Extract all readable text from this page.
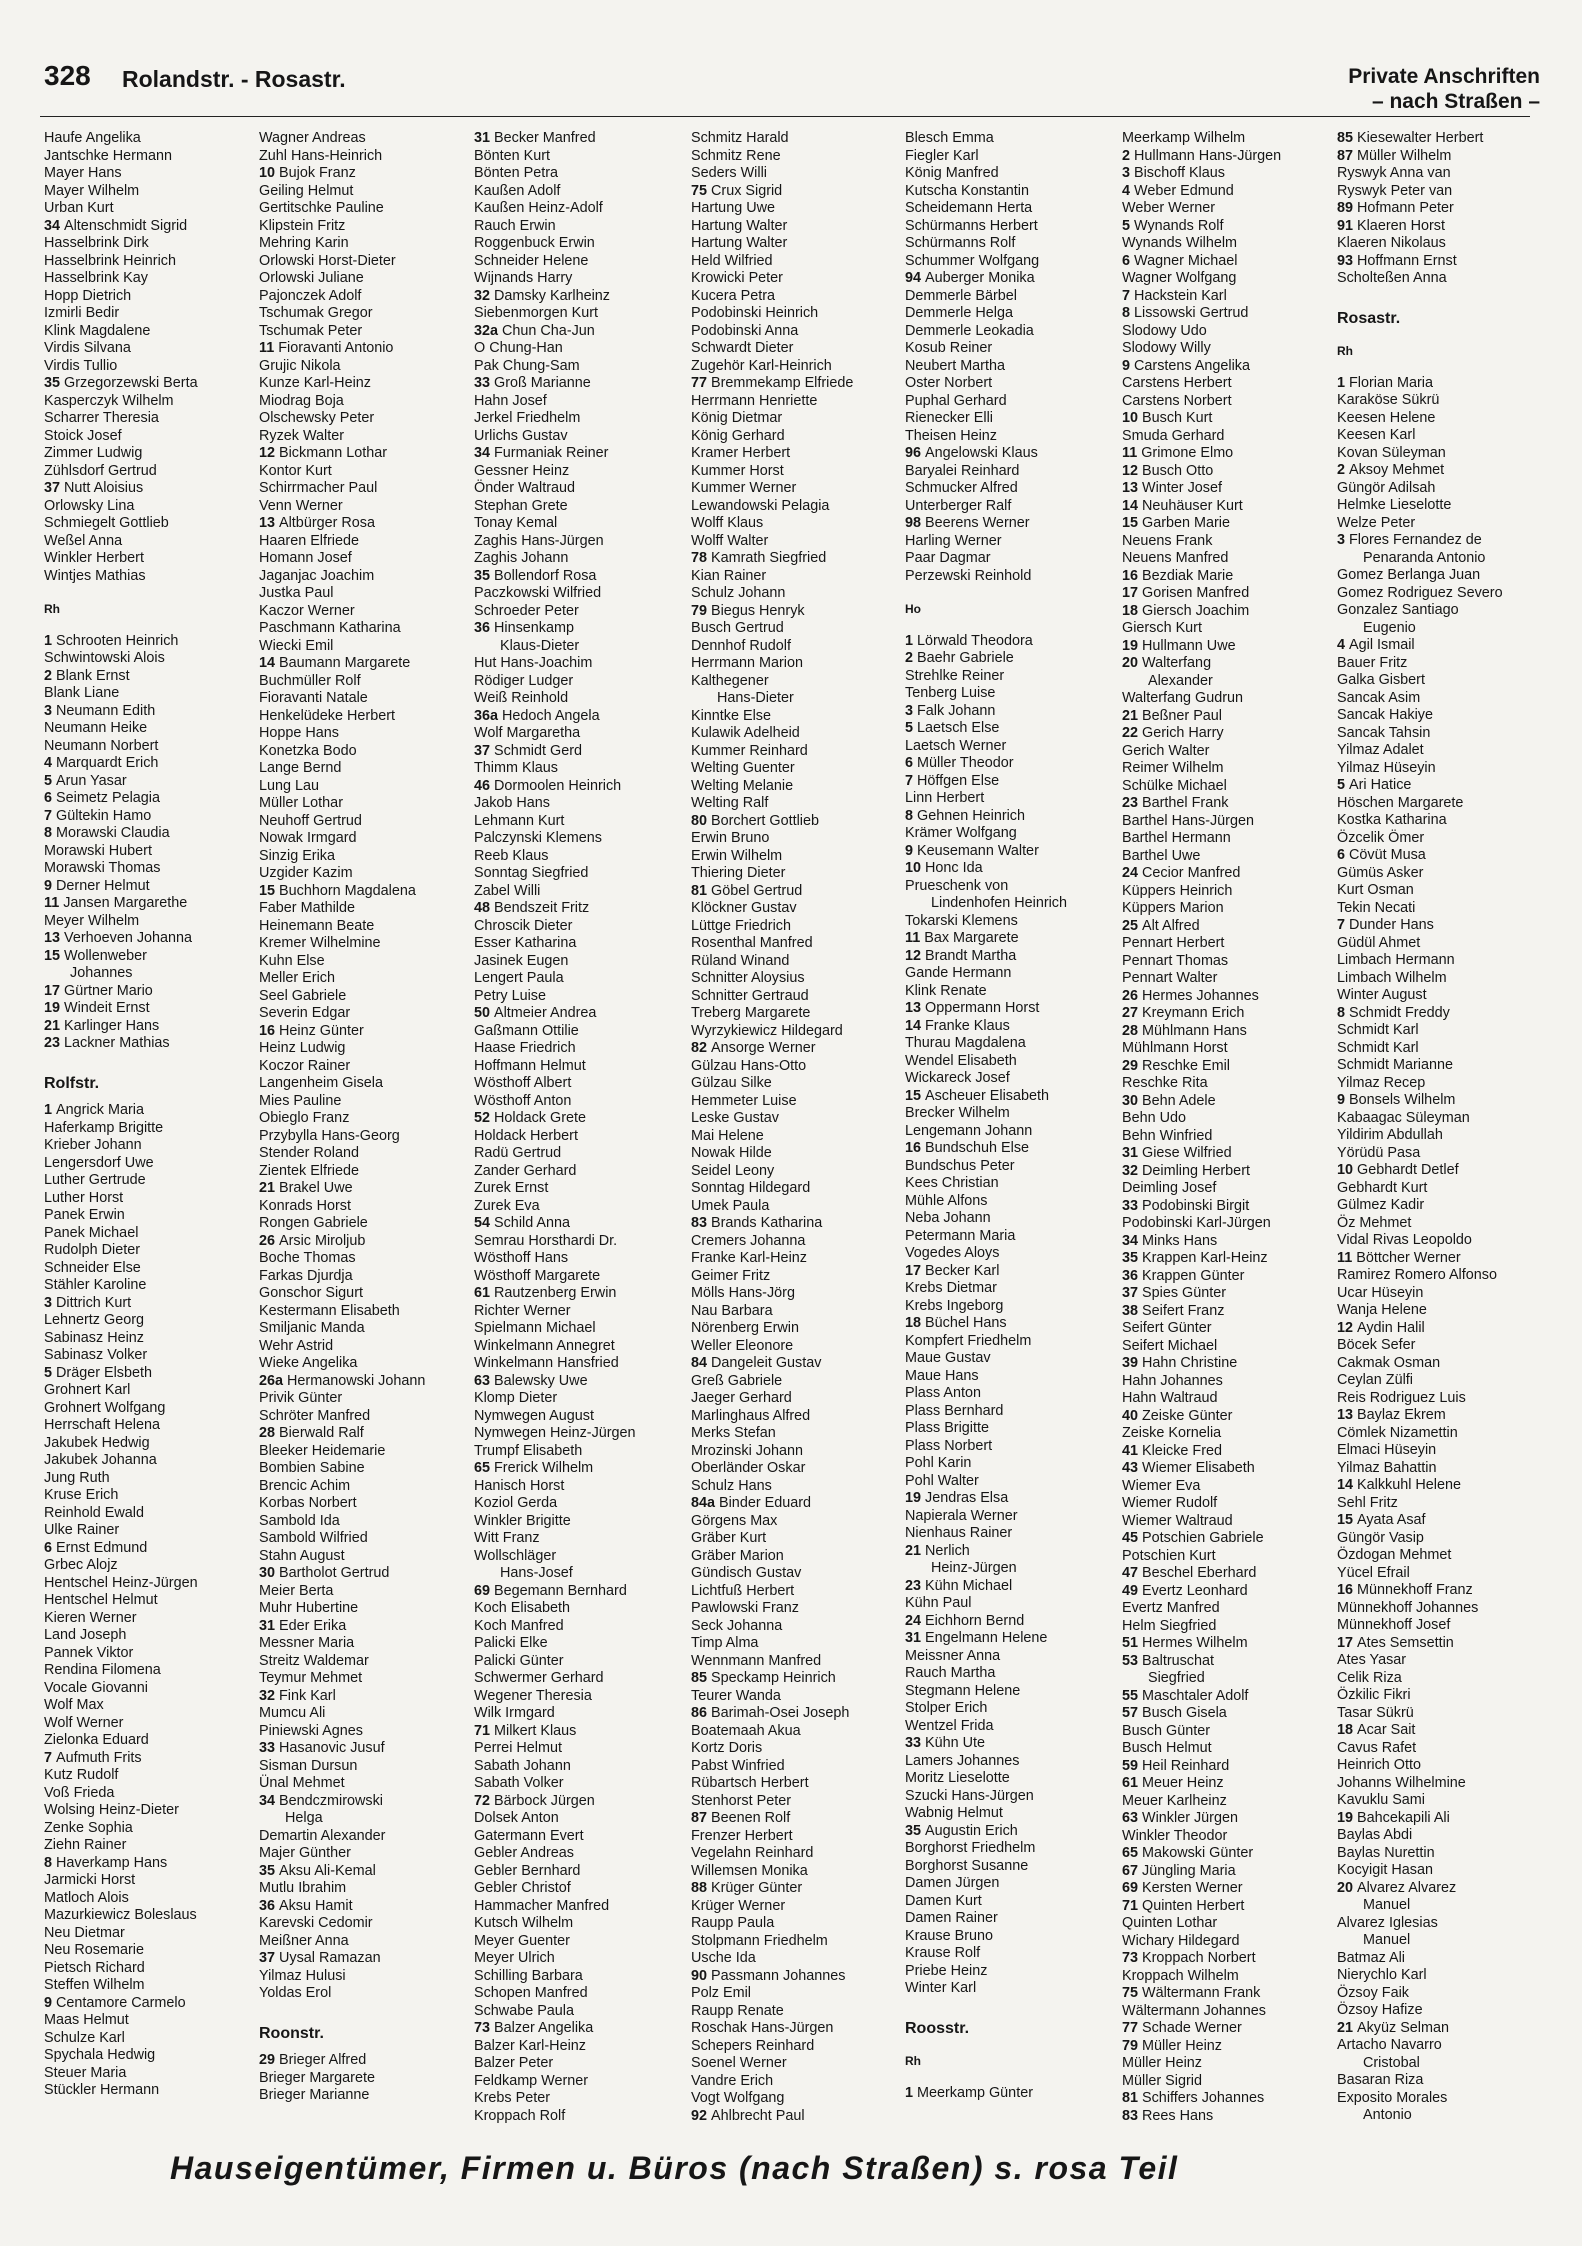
328 Rolandstr. - Rosastr.	Private Anschriften
– nach Straßen –
Haufe Angelika
Jantschke Hermann
Mayer Hans
Mayer Wilhelm
Urban Kurt
34 Altenschmidt Sigrid
Hasselbrink Dirk
Hasselbrink Heinrich
Hasselbrink Kay
Hopp Dietrich
Izmirli Bedir
Klink Magdalene
Virdis Silvana
Virdis Tullio
35 Grzegorzewski Berta
Kasperczyk Wilhelm
Scharrer Theresia
Stoick Josef
Zimmer Ludwig
Zühlsdorf Gertrud
37 Nutt Aloisius
Orlowsky Lina
Schmiegelt Gottlieb
Weßel Anna
Winkler Herbert
Wintjes Mathias
Rh
1 Schrooten Heinrich
Schwintowski Alois
2 Blank Ernst
Blank Liane
3 Neumann Edith
Neumann Heike
Neumann Norbert
4 Marquardt Erich
5 Arun Yasar
6 Seimetz Pelagia
7 Gültekin Hamo
8 Morawski Claudia
Morawski Hubert
Morawski Thomas
9 Derner Helmut
11 Jansen Margarethe
Meyer Wilhelm
13 Verhoeven Johanna
15 Wollenweber
Johannes
17 Gürtner Mario
19 Windeit Ernst
21 Karlinger Hans
23 Lackner Mathias
Rolfstr.
1 Angrick Maria
Haferkamp Brigitte
Krieber Johann
Lengersdorf Uwe
Luther Gertrude
Luther Horst
Panek Erwin
Panek Michael
Rudolph Dieter
Schneider Else
Stähler Karoline
3 Dittrich Kurt
Lehnertz Georg
Sabinasz Heinz
Sabinasz Volker
5 Dräger Elsbeth
Grohnert Karl
Grohnert Wolfgang
Herrschaft Helena
Jakubek Hedwig
Jakubek Johanna
Jung Ruth
Kruse Erich
Reinhold Ewald
Ulke Rainer
6 Ernst Edmund
Grbec Alojz
Hentschel Heinz-Jürgen
Hentschel Helmut
Kieren Werner
Land Joseph
Pannek Viktor
Rendina Filomena
Vocale Giovanni
Wolf Max
Wolf Werner
Zielonka Eduard
7 Aufmuth Frits
Kutz Rudolf
Voß Frieda
Wolsing Heinz-Dieter
Zenke Sophia
Ziehn Rainer
8 Haverkamp Hans
Jarmicki Horst
Matloch Alois
Mazurkiewicz Boleslaus
Neu Dietmar
Neu Rosemarie
Pietsch Richard
Steffen Wilhelm
9 Centamore Carmelo
Maas Helmut
Schulze Karl
Spychala Hedwig
Steuer Maria
Stückler Hermann
Wagner Andreas
Zuhl Hans-Heinrich
10 Bujok Franz
Geiling Helmut
Gertitschke Pauline
Klipstein Fritz
Mehring Karin
Orlowski Horst-Dieter
Orlowski Juliane
Pajonczek Adolf
Tschumak Gregor
Tschumak Peter
11 Fioravanti Antonio
Grujic Nikola
Kunze Karl-Heinz
Miodrag Boja
Olschewsky Peter
Ryzek Walter
12 Bickmann Lothar
Kontor Kurt
Schirrmacher Paul
Venn Werner
13 Altbürger Rosa
Haaren Elfriede
Homann Josef
Jaganjac Joachim
Justka Paul
Kaczor Werner
Paschmann Katharina
Wiecki Emil
14 Baumann Margarete
Buchmüller Rolf
Fioravanti Natale
Henkelüdeke Herbert
Hoppe Hans
Konetzka Bodo
Lange Bernd
Lung Lau
Müller Lothar
Neuhoff Gertrud
Nowak Irmgard
Sinzig Erika
Uzgider Kazim
15 Buchhorn Magdalena
Faber Mathilde
Heinemann Beate
Kremer Wilhelmine
Kuhn Else
Meller Erich
Seel Gabriele
Severin Edgar
16 Heinz Günter
Heinz Ludwig
Koczor Rainer
Langenheim Gisela
Mies Pauline
Obieglo Franz
Przybylla Hans-Georg
Stender Roland
Zientek Elfriede
21 Brakel Uwe
Konrads Horst
Rongen Gabriele
26 Arsic Miroljub
Boche Thomas
Farkas Djurdja
Gonschor Sigurt
Kestermann Elisabeth
Smiljanic Manda
Wehr Astrid
Wieke Angelika
26a Hermanowski Johann
Privik Günter
Schröter Manfred
28 Bierwald Ralf
Bleeker Heidemarie
Bombien Sabine
Brencic Achim
Korbas Norbert
Sambold Ida
Sambold Wilfried
Stahn August
30 Bartholot Gertrud
Meier Berta
Muhr Hubertine
31 Eder Erika
Messner Maria
Streitz Waldemar
Teymur Mehmet
32 Fink Karl
Mumcu Ali
Piniewski Agnes
33 Hasanovic Jusuf
Sisman Dursun
Ünal Mehmet
34 Bendczmirowski
Helga
Demartin Alexander
Majer Günther
35 Aksu Ali-Kemal
Mutlu Ibrahim
36 Aksu Hamit
Karevski Cedomir
Meißner Anna
37 Uysal Ramazan
Yilmaz Hulusi
Yoldas Erol
Roonstr.
29 Brieger Alfred
Brieger Margarete
Brieger Marianne
31 Becker Manfred
Bönten Kurt
Bönten Petra
Kaußen Adolf
Kaußen Heinz-Adolf
Rauch Erwin
Roggenbuck Erwin
Schneider Helene
Wijnands Harry
32 Damsky Karlheinz
Siebenmorgen Kurt
32a Chun Cha-Jun
O Chung-Han
Pak Chung-Sam
33 Groß Marianne
Hahn Josef
Jerkel Friedhelm
Urlichs Gustav
34 Furmaniak Reiner
Gessner Heinz
Önder Waltraud
Stephan Grete
Tonay Kemal
Zaghis Hans-Jürgen
Zaghis Johann
35 Bollendorf Rosa
Paczkowski Wilfried
Schroeder Peter
36 Hinsenkamp
Klaus-Dieter
Hut Hans-Joachim
Rödiger Ludger
Weiß Reinhold
36a Hedoch Angela
Wolf Margaretha
37 Schmidt Gerd
Thimm Klaus
46 Dormoolen Heinrich
Jakob Hans
Lehmann Kurt
Palczynski Klemens
Reeb Klaus
Sonntag Siegfried
Zabel Willi
48 Bendszeit Fritz
Chroscik Dieter
Esser Katharina
Jasinek Eugen
Lengert Paula
Petry Luise
50 Altmeier Andrea
Gaßmann Ottilie
Haase Friedrich
Hoffmann Helmut
Wösthoff Albert
Wösthoff Anton
52 Holdack Grete
Holdack Herbert
Radü Gertrud
Zander Gerhard
Zurek Ernst
Zurek Eva
54 Schild Anna
Semrau Horsthardi Dr.
Wösthoff Hans
Wösthoff Margarete
61 Rautzenberg Erwin
Richter Werner
Spielmann Michael
Winkelmann Annegret
Winkelmann Hansfried
63 Balewsky Uwe
Klomp Dieter
Nymwegen August
Nymwegen Heinz-Jürgen
Trumpf Elisabeth
65 Frerick Wilhelm
Hanisch Horst
Koziol Gerda
Winkler Brigitte
Witt Franz
Wollschläger
Hans-Josef
69 Begemann Bernhard
Koch Elisabeth
Koch Manfred
Palicki Elke
Palicki Günter
Schwermer Gerhard
Wegener Theresia
Wilk Irmgard
71 Milkert Klaus
Perrei Helmut
Sabath Johann
Sabath Volker
72 Bärbock Jürgen
Dolsek Anton
Gatermann Evert
Gebler Andreas
Gebler Bernhard
Gebler Christof
Hammacher Manfred
Kutsch Wilhelm
Meyer Guenter
Meyer Ulrich
Schilling Barbara
Schopen Manfred
Schwabe Paula
73 Balzer Angelika
Balzer Karl-Heinz
Balzer Peter
Feldkamp Werner
Krebs Peter
Kroppach Rolf
Schmitz Harald
Schmitz Rene
Seders Willi
75 Crux Sigrid
Hartung Uwe
Hartung Walter
Hartung Walter
Held Wilfried
Krowicki Peter
Kucera Petra
Podobinski Heinrich
Podobinski Anna
Schwardt Dieter
Zugehör Karl-Heinrich
77 Bremmekamp Elfriede
Herrmann Henriette
König Dietmar
König Gerhard
Kramer Herbert
Kummer Horst
Kummer Werner
Lewandowski Pelagia
Wolff Klaus
Wolff Walter
78 Kamrath Siegfried
Kian Rainer
Schulz Johann
79 Biegus Henryk
Busch Gertrud
Dennhof Rudolf
Herrmann Marion
Kalthegener
Hans-Dieter
Kinntke Else
Kulawik Adelheid
Kummer Reinhard
Welting Guenter
Welting Melanie
Welting Ralf
80 Borchert Gottlieb
Erwin Bruno
Erwin Wilhelm
Thiering Dieter
81 Göbel Gertrud
Klöckner Gustav
Lüttge Friedrich
Rosenthal Manfred
Rüland Winand
Schnitter Aloysius
Schnitter Gertraud
Treberg Margarete
Wyrzykiewicz Hildegard
82 Ansorge Werner
Gülzau Hans-Otto
Gülzau Silke
Hemmeter Luise
Leske Gustav
Mai Helene
Nowak Hilde
Seidel Leony
Sonntag Hildegard
Umek Paula
83 Brands Katharina
Cremers Johanna
Franke Karl-Heinz
Geimer Fritz
Mölls Hans-Jörg
Nau Barbara
Nörenberg Erwin
Weller Eleonore
84 Dangeleit Gustav
Greß Gabriele
Jaeger Gerhard
Marlinghaus Alfred
Merks Stefan
Mrozinski Johann
Oberländer Oskar
Schulz Hans
84a Binder Eduard
Görgens Max
Gräber Kurt
Gräber Marion
Gündisch Gustav
Lichtfuß Herbert
Pawlowski Franz
Seck Johanna
Timp Alma
Wennmann Manfred
85 Speckamp Heinrich
Teurer Wanda
86 Barimah-Osei Joseph
Boatemaah Akua
Kortz Doris
Pabst Winfried
Rübartsch Herbert
Stenhorst Peter
87 Beenen Rolf
Frenzer Herbert
Vegelahn Reinhard
Willemsen Monika
88 Krüger Günter
Krüger Werner
Raupp Paula
Stolpmann Friedhelm
Usche Ida
90 Passmann Johannes
Polz Emil
Raupp Renate
Roschak Hans-Jürgen
Schepers Reinhard
Soenel Werner
Vandre Erich
Vogt Wolfgang
92 Ahlbrecht Paul
Blesch Emma
Fiegler Karl
König Manfred
Kutscha Konstantin
Scheidemann Herta
Schürmanns Herbert
Schürmanns Rolf
Schummer Wolfgang
94 Auberger Monika
Demmerle Bärbel
Demmerle Helga
Demmerle Leokadia
Kosub Reiner
Neubert Martha
Oster Norbert
Puphal Gerhard
Rienecker Elli
Theisen Heinz
96 Angelowski Klaus
Baryalei Reinhard
Schmucker Alfred
Unterberger Ralf
98 Beerens Werner
Harling Werner
Paar Dagmar
Perzewski Reinhold
Ho
1 Lörwald Theodora
2 Baehr Gabriele
Strehlke Reiner
Tenberg Luise
3 Falk Johann
5 Laetsch Else
Laetsch Werner
6 Müller Theodor
7 Höffgen Else
Linn Herbert
8 Gehnen Heinrich
Krämer Wolfgang
9 Keusemann Walter
10 Honc Ida
Prueschenk von
Lindenhofen Heinrich
Tokarski Klemens
11 Bax Margarete
12 Brandt Martha
Gande Hermann
Klink Renate
13 Oppermann Horst
14 Franke Klaus
Thurau Magdalena
Wendel Elisabeth
Wickareck Josef
15 Ascheuer Elisabeth
Brecker Wilhelm
Lengemann Johann
16 Bundschuh Else
Bundschus Peter
Kees Christian
Mühle Alfons
Neba Johann
Petermann Maria
Vogedes Aloys
17 Becker Karl
Krebs Dietmar
Krebs Ingeborg
18 Büchel Hans
Kompfert Friedhelm
Maue Gustav
Maue Hans
Plass Anton
Plass Bernhard
Plass Brigitte
Plass Norbert
Pohl Karin
Pohl Walter
19 Jendras Elsa
Napierala Werner
Nienhaus Rainer
21 Nerlich
Heinz-Jürgen
23 Kühn Michael
Kühn Paul
24 Eichhorn Bernd
31 Engelmann Helene
Meissner Anna
Rauch Martha
Stegmann Helene
Stolper Erich
Wentzel Frida
33 Kühn Ute
Lamers Johannes
Moritz Lieselotte
Szucki Hans-Jürgen
Wabnig Helmut
35 Augustin Erich
Borghorst Friedhelm
Borghorst Susanne
Damen Jürgen
Damen Kurt
Damen Rainer
Krause Bruno
Krause Rolf
Priebe Heinz
Winter Karl
Roosstr.
Rh
1 Meerkamp Günter
Meerkamp Wilhelm
2 Hullmann Hans-Jürgen
3 Bischoff Klaus
4 Weber Edmund
Weber Werner
5 Wynands Rolf
Wynands Wilhelm
6 Wagner Michael
Wagner Wolfgang
7 Hackstein Karl
8 Lissowski Gertrud
Slodowy Udo
Slodowy Willy
9 Carstens Angelika
Carstens Herbert
Carstens Norbert
10 Busch Kurt
Smuda Gerhard
11 Grimone Elmo
12 Busch Otto
13 Winter Josef
14 Neuhäuser Kurt
15 Garben Marie
Neuens Frank
Neuens Manfred
16 Bezdiak Marie
17 Gorisen Manfred
18 Giersch Joachim
Giersch Kurt
19 Hullmann Uwe
20 Walterfang
Alexander
Walterfang Gudrun
21 Beßner Paul
22 Gerich Harry
Gerich Walter
Reimer Wilhelm
Schülke Michael
23 Barthel Frank
Barthel Hans-Jürgen
Barthel Hermann
Barthel Uwe
24 Cecior Manfred
Küppers Heinrich
Küppers Marion
25 Alt Alfred
Pennart Herbert
Pennart Thomas
Pennart Walter
26 Hermes Johannes
27 Kreymann Erich
28 Mühlmann Hans
Mühlmann Horst
29 Reschke Emil
Reschke Rita
30 Behn Adele
Behn Udo
Behn Winfried
31 Giese Wilfried
32 Deimling Herbert
Deimling Josef
33 Podobinski Birgit
Podobinski Karl-Jürgen
34 Minks Hans
35 Krappen Karl-Heinz
36 Krappen Günter
37 Spies Günter
38 Seifert Franz
Seifert Günter
Seifert Michael
39 Hahn Christine
Hahn Johannes
Hahn Waltraud
40 Zeiske Günter
Zeiske Kornelia
41 Kleicke Fred
43 Wiemer Elisabeth
Wiemer Eva
Wiemer Rudolf
Wiemer Waltraud
45 Potschien Gabriele
Potschien Kurt
47 Beschel Eberhard
49 Evertz Leonhard
Evertz Manfred
Helm Siegfried
51 Hermes Wilhelm
53 Baltruschat
Siegfried
55 Maschtaler Adolf
57 Busch Gisela
Busch Günter
Busch Helmut
59 Heil Reinhard
61 Meuer Heinz
Meuer Karlheinz
63 Winkler Jürgen
Winkler Theodor
65 Makowski Günter
67 Jüngling Maria
69 Kersten Werner
71 Quinten Herbert
Quinten Lothar
Wichary Hildegard
73 Kroppach Norbert
Kroppach Wilhelm
75 Wältermann Frank
Wältermann Johannes
77 Schade Werner
79 Müller Heinz
Müller Heinz
Müller Sigrid
81 Schiffers Johannes
83 Rees Hans
85 Kiesewalter Herbert
87 Müller Wilhelm
Ryswyk Anna van
Ryswyk Peter van
89 Hofmann Peter
91 Klaeren Horst
Klaeren Nikolaus
93 Hoffmann Ernst
Scholteßen Anna
Rosastr.
Rh
1 Florian Maria
Karaköse Sükrü
Keesen Helene
Keesen Karl
Kovan Süleyman
2 Aksoy Mehmet
Güngör Adilsah
Helmke Lieselotte
Welze Peter
3 Flores Fernandez de
Penaranda Antonio
Gomez Berlanga Juan
Gomez Rodriguez Severo
Gonzalez Santiago
Eugenio
4 Agil Ismail
Bauer Fritz
Galka Gisbert
Sancak Asim
Sancak Hakiye
Sancak Tahsin
Yilmaz Adalet
Yilmaz Hüseyin
5 Ari Hatice
Höschen Margarete
Kostka Katharina
Özcelik Ömer
6 Cövüt Musa
Gümüs Asker
Kurt Osman
Tekin Necati
7 Dunder Hans
Güdül Ahmet
Limbach Hermann
Limbach Wilhelm
Winter August
8 Schmidt Freddy
Schmidt Karl
Schmidt Karl
Schmidt Marianne
Yilmaz Recep
9 Bonsels Wilhelm
Kabaagac Süleyman
Yildirim Abdullah
Yörüdü Pasa
10 Gebhardt Detlef
Gebhardt Kurt
Gülmez Kadir
Öz Mehmet
Vidal Rivas Leopoldo
11 Böttcher Werner
Ramirez Romero Alfonso
Ucar Hüseyin
Wanja Helene
12 Aydin Halil
Böcek Sefer
Cakmak Osman
Ceylan Zülfi
Reis Rodriguez Luis
13 Baylaz Ekrem
Cömlek Nizamettin
Elmaci Hüseyin
Yilmaz Bahattin
14 Kalkkuhl Helene
Sehl Fritz
15 Ayata Asaf
Güngör Vasip
Özdogan Mehmet
Yücel Efrail
16 Münnekhoff Franz
Münnekhoff Johannes
Münnekhoff Josef
17 Ates Semsettin
Ates Yasar
Celik Riza
Özkilic Fikri
Tasar Sükrü
18 Acar Sait
Cavus Rafet
Heinrich Otto
Johanns Wilhelmine
Kavuklu Sami
19 Bahcekapili Ali
Baylas Abdi
Baylas Nurettin
Kocyigit Hasan
20 Alvarez Alvarez
Manuel
Alvarez Iglesias
Manuel
Batmaz Ali
Nierychlo Karl
Özsoy Faik
Özsoy Hafize
21 Akyüz Selman
Artacho Navarro
Cristobal
Basaran Riza
Exposito Morales
Antonio
Hauseigentümer, Firmen u. Büros (nach Straßen) s. rosa Teil
